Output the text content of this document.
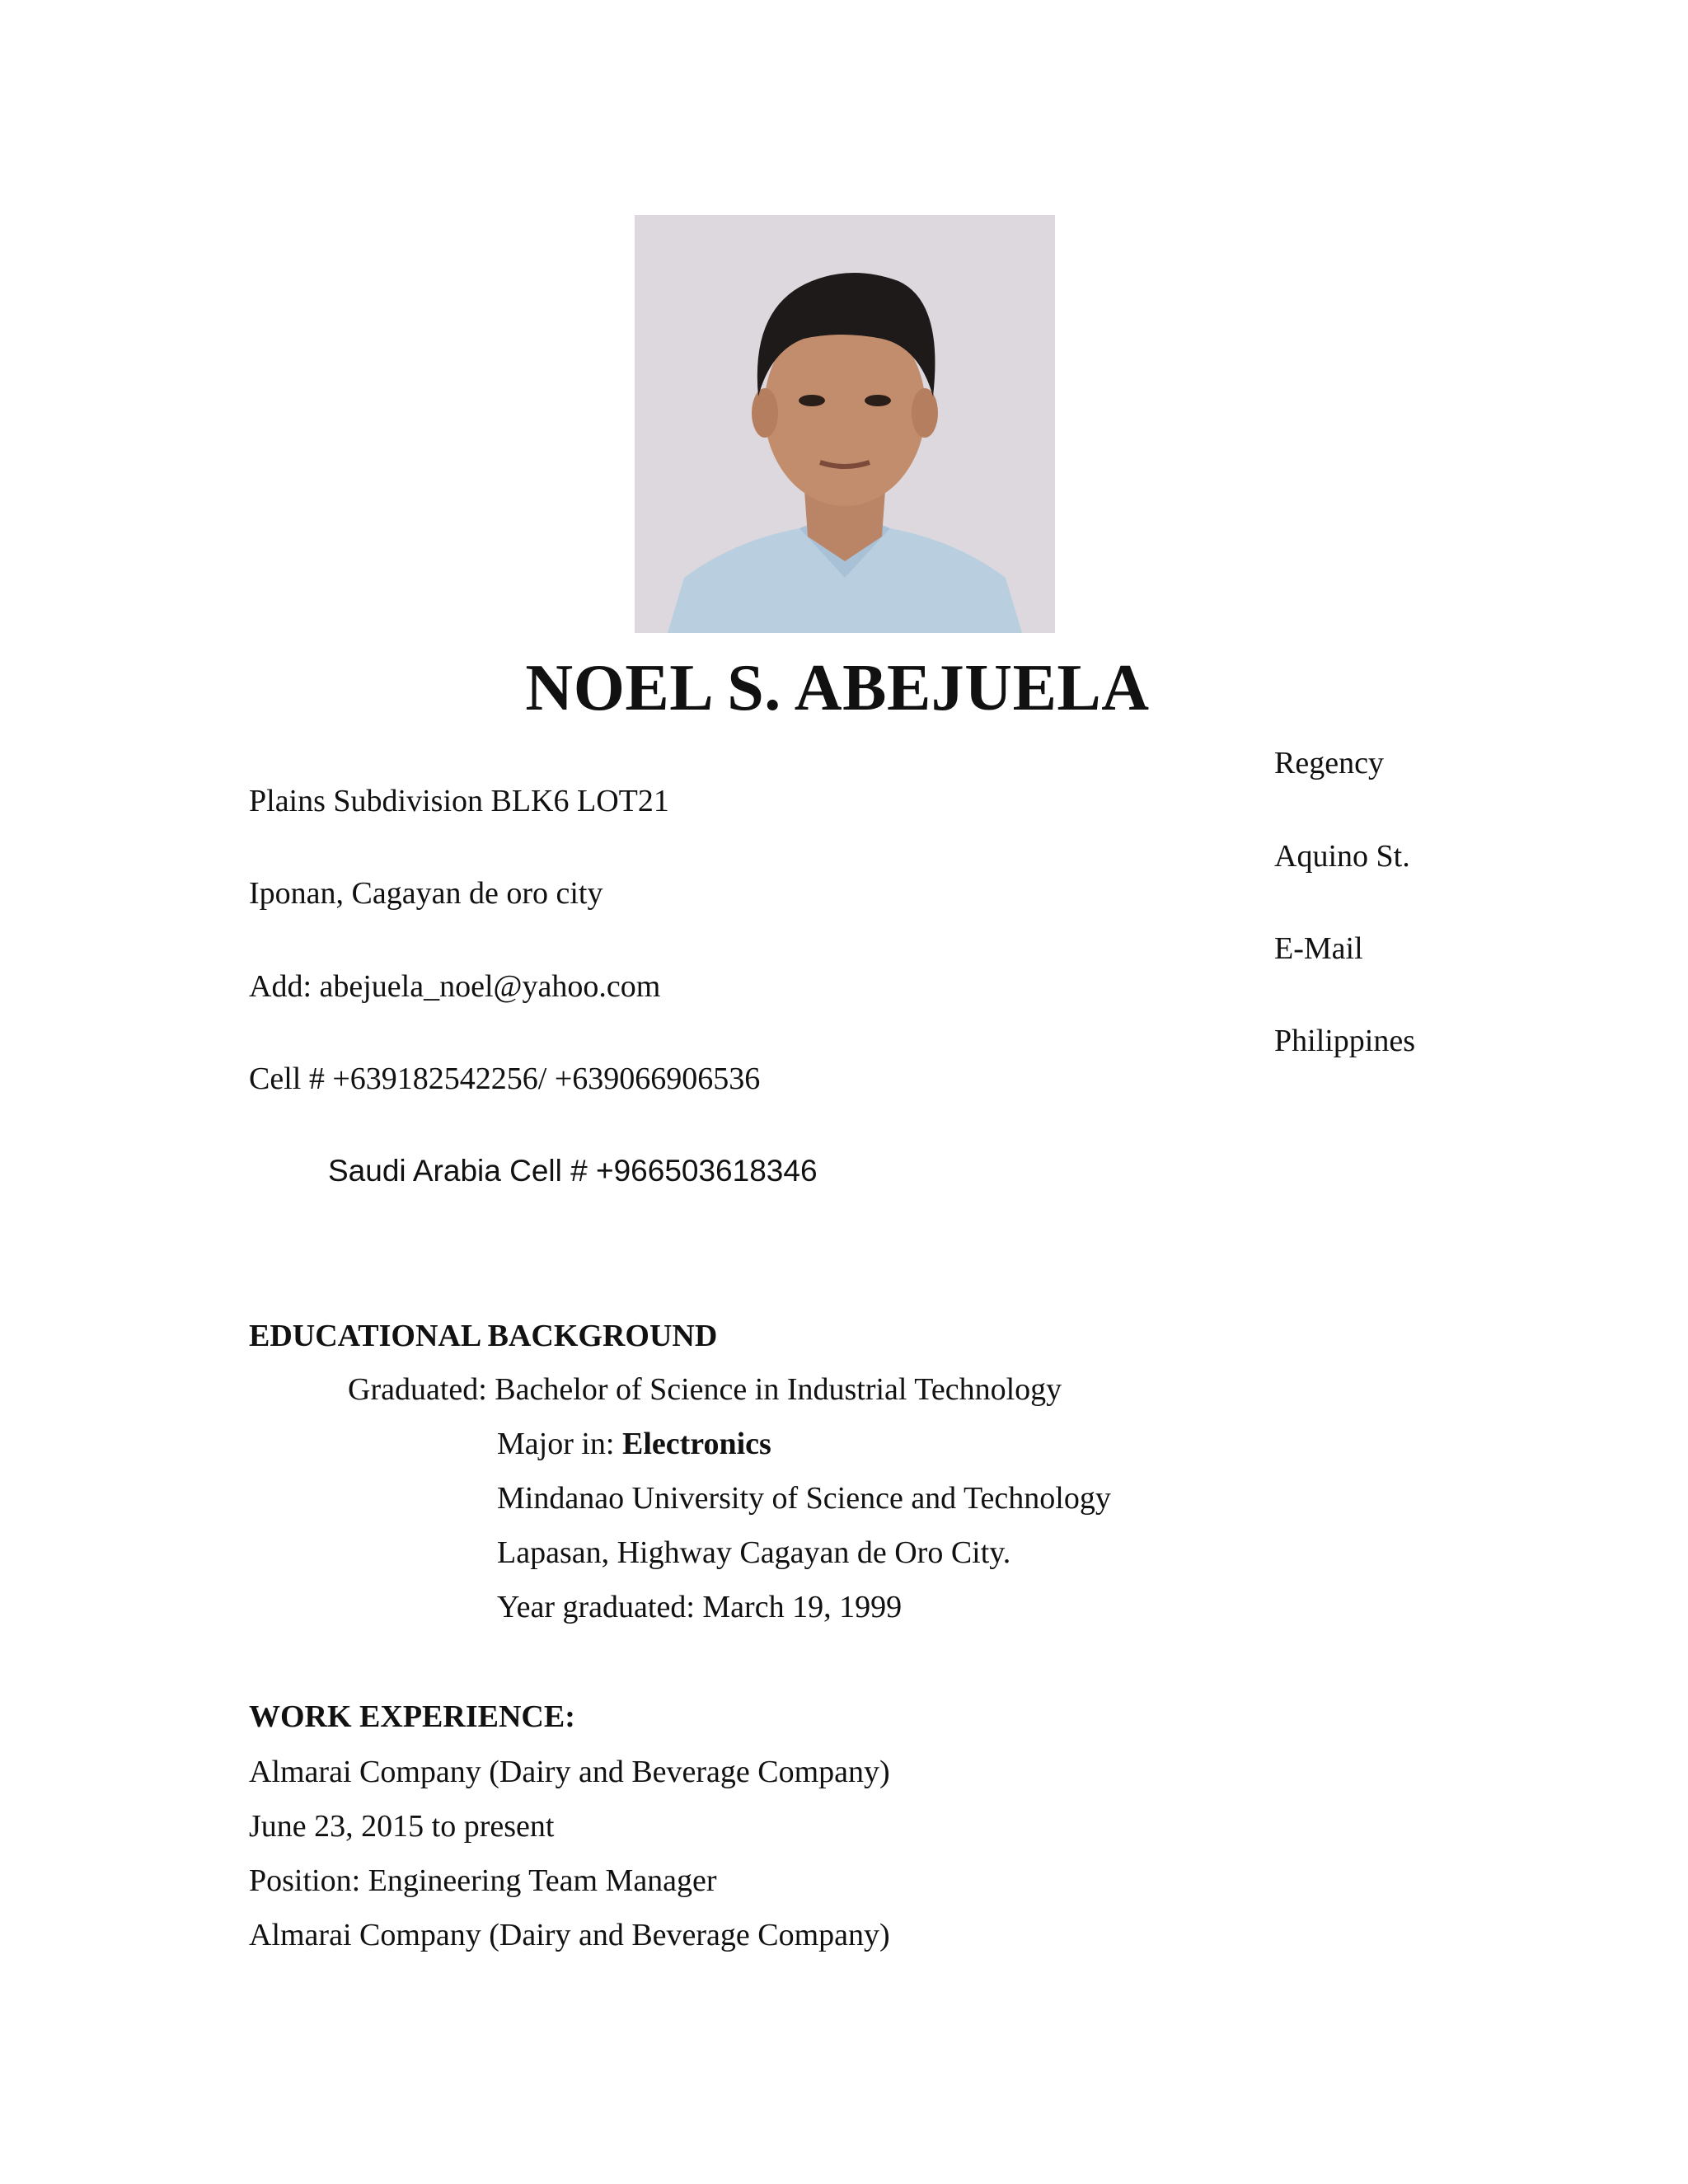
NOEL S. ABEJUELA
Regency
Aquino St.
E-Mail
Philippines
Plains Subdivision BLK6 LOT21
Iponan, Cagayan de oro city
Add: abejuela_noel@yahoo.com
Cell # +639182542256/ +639066906536
Saudi Arabia Cell # +966503618346
EDUCATIONAL BACKGROUND
Graduated: Bachelor of Science in Industrial Technology
Major in: Electronics
Mindanao University of Science and Technology
Lapasan, Highway Cagayan de Oro City.
Year graduated: March 19, 1999
WORK EXPERIENCE:
Almarai Company (Dairy and Beverage Company)
June 23, 2015 to present
Position: Engineering Team Manager
Almarai Company (Dairy and Beverage Company)
